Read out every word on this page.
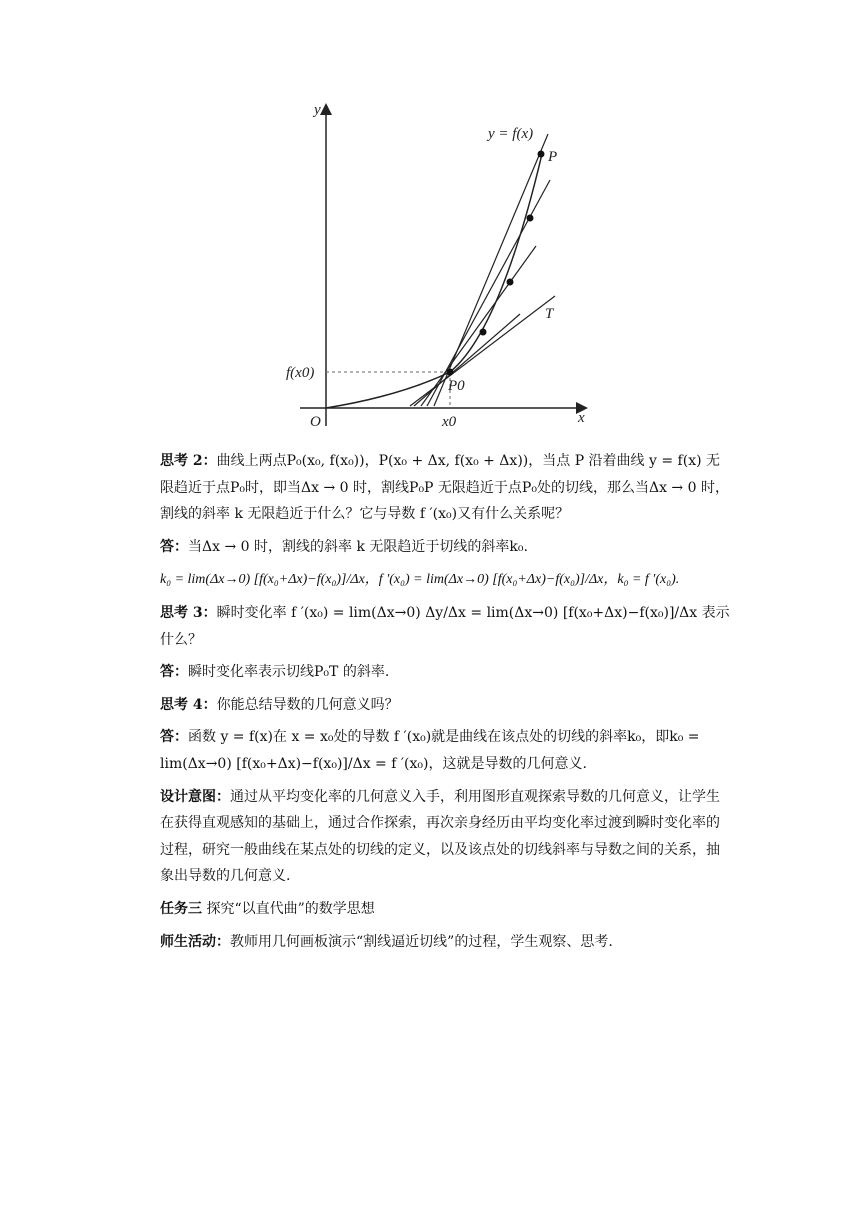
y
x
O
y = f(x)
P
P0
T
f(x0)
x0

思考 2：曲线上两点P₀(x₀, f(x₀))，P(x₀ + Δx, f(x₀ + Δx))，当点 P 沿着曲线 y = f(x) 无限趋近于点P₀时，即当Δx → 0 时，割线P₀P 无限趋近于点P₀处的切线，那么当Δx → 0 时，割线的斜率 k 无限趋近于什么？它与导数 f ′(x₀)又有什么关系呢？

答：当Δx → 0 时，割线的斜率 k 无限趋近于切线的斜率k₀.

k₀ = lim(Δx→0) [f(x₀+Δx)−f(x₀)]/Δx，f ′(x₀) = lim(Δx→0) [f(x₀+Δx)−f(x₀)]/Δx，k₀ = f ′(x₀).

思考 3：瞬时变化率 f ′(x₀) = lim(Δx→0) Δy/Δx = lim(Δx→0) [f(x₀+Δx)−f(x₀)]/Δx 表示什么？

答：瞬时变化率表示切线P₀T 的斜率.

思考 4：你能总结导数的几何意义吗？

答：函数 y = f(x)在 x = x₀处的导数 f ′(x₀)就是曲线在该点处的切线的斜率k₀，即k₀ = lim(Δx→0) [f(x₀+Δx)−f(x₀)]/Δx = f ′(x₀)，这就是导数的几何意义.

设计意图：通过从平均变化率的几何意义入手，利用图形直观探索导数的几何意义，让学生在获得直观感知的基础上，通过合作探索，再次亲身经历由平均变化率过渡到瞬时变化率的过程，研究一般曲线在某点处的切线的定义，以及该点处的切线斜率与导数之间的关系，抽象出导数的几何意义.

任务三 探究“以直代曲”的数学思想

师生活动：教师用几何画板演示“割线逼近切线”的过程，学生观察、思考.
